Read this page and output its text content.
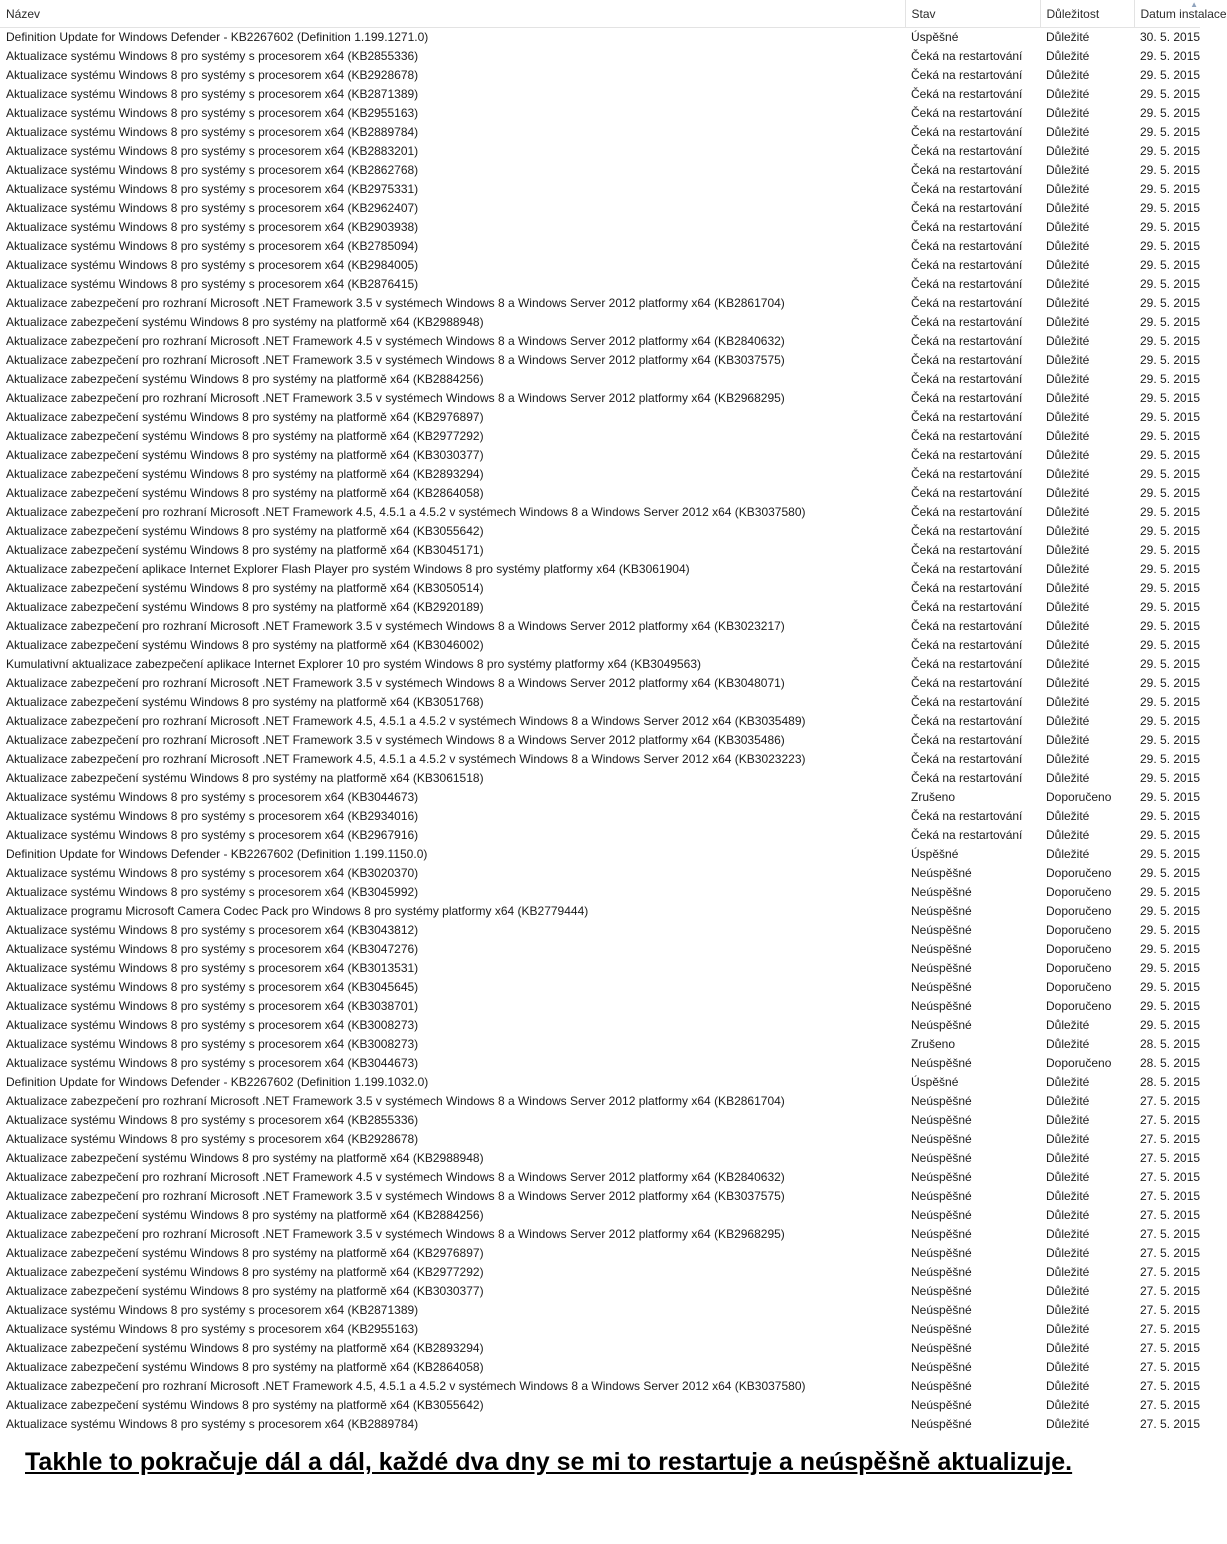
Název	Stav	Důležitost	Datum instalace
▲

Definition Update for Windows Defender - KB2267602 (Definition 1.199.1271.0)	Úspěšné	Důležité	30. 5. 2015
Aktualizace systému Windows 8 pro systémy s procesorem x64 (KB2855336)	Čeká na restartování	Důležité	29. 5. 2015
Aktualizace systému Windows 8 pro systémy s procesorem x64 (KB2928678)	Čeká na restartování	Důležité	29. 5. 2015
Aktualizace systému Windows 8 pro systémy s procesorem x64 (KB2871389)	Čeká na restartování	Důležité	29. 5. 2015
Aktualizace systému Windows 8 pro systémy s procesorem x64 (KB2955163)	Čeká na restartování	Důležité	29. 5. 2015
Aktualizace systému Windows 8 pro systémy s procesorem x64 (KB2889784)	Čeká na restartování	Důležité	29. 5. 2015
Aktualizace systému Windows 8 pro systémy s procesorem x64 (KB2883201)	Čeká na restartování	Důležité	29. 5. 2015
Aktualizace systému Windows 8 pro systémy s procesorem x64 (KB2862768)	Čeká na restartování	Důležité	29. 5. 2015
Aktualizace systému Windows 8 pro systémy s procesorem x64 (KB2975331)	Čeká na restartování	Důležité	29. 5. 2015
Aktualizace systému Windows 8 pro systémy s procesorem x64 (KB2962407)	Čeká na restartování	Důležité	29. 5. 2015
Aktualizace systému Windows 8 pro systémy s procesorem x64 (KB2903938)	Čeká na restartování	Důležité	29. 5. 2015
Aktualizace systému Windows 8 pro systémy s procesorem x64 (KB2785094)	Čeká na restartování	Důležité	29. 5. 2015
Aktualizace systému Windows 8 pro systémy s procesorem x64 (KB2984005)	Čeká na restartování	Důležité	29. 5. 2015
Aktualizace systému Windows 8 pro systémy s procesorem x64 (KB2876415)	Čeká na restartování	Důležité	29. 5. 2015
Aktualizace zabezpečení pro rozhraní Microsoft .NET Framework 3.5 v systémech Windows 8 a Windows Server 2012 platformy x64 (KB2861704)	Čeká na restartování	Důležité	29. 5. 2015
Aktualizace zabezpečení systému Windows 8 pro systémy na platformě x64 (KB2988948)	Čeká na restartování	Důležité	29. 5. 2015
Aktualizace zabezpečení pro rozhraní Microsoft .NET Framework 4.5 v systémech Windows 8 a Windows Server 2012 platformy x64 (KB2840632)	Čeká na restartování	Důležité	29. 5. 2015
Aktualizace zabezpečení pro rozhraní Microsoft .NET Framework 3.5 v systémech Windows 8 a Windows Server 2012 platformy x64 (KB3037575)	Čeká na restartování	Důležité	29. 5. 2015
Aktualizace zabezpečení systému Windows 8 pro systémy na platformě x64 (KB2884256)	Čeká na restartování	Důležité	29. 5. 2015
Aktualizace zabezpečení pro rozhraní Microsoft .NET Framework 3.5 v systémech Windows 8 a Windows Server 2012 platformy x64 (KB2968295)	Čeká na restartování	Důležité	29. 5. 2015
Aktualizace zabezpečení systému Windows 8 pro systémy na platformě x64 (KB2976897)	Čeká na restartování	Důležité	29. 5. 2015
Aktualizace zabezpečení systému Windows 8 pro systémy na platformě x64 (KB2977292)	Čeká na restartování	Důležité	29. 5. 2015
Aktualizace zabezpečení systému Windows 8 pro systémy na platformě x64 (KB3030377)	Čeká na restartování	Důležité	29. 5. 2015
Aktualizace zabezpečení systému Windows 8 pro systémy na platformě x64 (KB2893294)	Čeká na restartování	Důležité	29. 5. 2015
Aktualizace zabezpečení systému Windows 8 pro systémy na platformě x64 (KB2864058)	Čeká na restartování	Důležité	29. 5. 2015
Aktualizace zabezpečení pro rozhraní Microsoft .NET Framework 4.5, 4.5.1 a 4.5.2 v systémech Windows 8 a Windows Server 2012 x64 (KB3037580)	Čeká na restartování	Důležité	29. 5. 2015
Aktualizace zabezpečení systému Windows 8 pro systémy na platformě x64 (KB3055642)	Čeká na restartování	Důležité	29. 5. 2015
Aktualizace zabezpečení systému Windows 8 pro systémy na platformě x64 (KB3045171)	Čeká na restartování	Důležité	29. 5. 2015
Aktualizace zabezpečení aplikace Internet Explorer Flash Player pro systém Windows 8 pro systémy platformy x64 (KB3061904)	Čeká na restartování	Důležité	29. 5. 2015
Aktualizace zabezpečení systému Windows 8 pro systémy na platformě x64 (KB3050514)	Čeká na restartování	Důležité	29. 5. 2015
Aktualizace zabezpečení systému Windows 8 pro systémy na platformě x64 (KB2920189)	Čeká na restartování	Důležité	29. 5. 2015
Aktualizace zabezpečení pro rozhraní Microsoft .NET Framework 3.5 v systémech Windows 8 a Windows Server 2012 platformy x64 (KB3023217)	Čeká na restartování	Důležité	29. 5. 2015
Aktualizace zabezpečení systému Windows 8 pro systémy na platformě x64 (KB3046002)	Čeká na restartování	Důležité	29. 5. 2015
Kumulativní aktualizace zabezpečení aplikace Internet Explorer 10 pro systém Windows 8 pro systémy platformy x64 (KB3049563)	Čeká na restartování	Důležité	29. 5. 2015
Aktualizace zabezpečení pro rozhraní Microsoft .NET Framework 3.5 v systémech Windows 8 a Windows Server 2012 platformy x64 (KB3048071)	Čeká na restartování	Důležité	29. 5. 2015
Aktualizace zabezpečení systému Windows 8 pro systémy na platformě x64 (KB3051768)	Čeká na restartování	Důležité	29. 5. 2015
Aktualizace zabezpečení pro rozhraní Microsoft .NET Framework 4.5, 4.5.1 a 4.5.2 v systémech Windows 8 a Windows Server 2012 x64 (KB3035489)	Čeká na restartování	Důležité	29. 5. 2015
Aktualizace zabezpečení pro rozhraní Microsoft .NET Framework 3.5 v systémech Windows 8 a Windows Server 2012 platformy x64 (KB3035486)	Čeká na restartování	Důležité	29. 5. 2015
Aktualizace zabezpečení pro rozhraní Microsoft .NET Framework 4.5, 4.5.1 a 4.5.2 v systémech Windows 8 a Windows Server 2012 x64 (KB3023223)	Čeká na restartování	Důležité	29. 5. 2015
Aktualizace zabezpečení systému Windows 8 pro systémy na platformě x64 (KB3061518)	Čeká na restartování	Důležité	29. 5. 2015
Aktualizace systému Windows 8 pro systémy s procesorem x64 (KB3044673)	Zrušeno	Doporučeno	29. 5. 2015
Aktualizace systému Windows 8 pro systémy s procesorem x64 (KB2934016)	Čeká na restartování	Důležité	29. 5. 2015
Aktualizace systému Windows 8 pro systémy s procesorem x64 (KB2967916)	Čeká na restartování	Důležité	29. 5. 2015
Definition Update for Windows Defender - KB2267602 (Definition 1.199.1150.0)	Úspěšné	Důležité	29. 5. 2015
Aktualizace systému Windows 8 pro systémy s procesorem x64 (KB3020370)	Neúspěšné	Doporučeno	29. 5. 2015
Aktualizace systému Windows 8 pro systémy s procesorem x64 (KB3045992)	Neúspěšné	Doporučeno	29. 5. 2015
Aktualizace programu Microsoft Camera Codec Pack pro Windows 8 pro systémy platformy x64 (KB2779444)	Neúspěšné	Doporučeno	29. 5. 2015
Aktualizace systému Windows 8 pro systémy s procesorem x64 (KB3043812)	Neúspěšné	Doporučeno	29. 5. 2015
Aktualizace systému Windows 8 pro systémy s procesorem x64 (KB3047276)	Neúspěšné	Doporučeno	29. 5. 2015
Aktualizace systému Windows 8 pro systémy s procesorem x64 (KB3013531)	Neúspěšné	Doporučeno	29. 5. 2015
Aktualizace systému Windows 8 pro systémy s procesorem x64 (KB3045645)	Neúspěšné	Doporučeno	29. 5. 2015
Aktualizace systému Windows 8 pro systémy s procesorem x64 (KB3038701)	Neúspěšné	Doporučeno	29. 5. 2015
Aktualizace systému Windows 8 pro systémy s procesorem x64 (KB3008273)	Neúspěšné	Důležité	29. 5. 2015
Aktualizace systému Windows 8 pro systémy s procesorem x64 (KB3008273)	Zrušeno	Důležité	28. 5. 2015
Aktualizace systému Windows 8 pro systémy s procesorem x64 (KB3044673)	Neúspěšné	Doporučeno	28. 5. 2015
Definition Update for Windows Defender - KB2267602 (Definition 1.199.1032.0)	Úspěšné	Důležité	28. 5. 2015
Aktualizace zabezpečení pro rozhraní Microsoft .NET Framework 3.5 v systémech Windows 8 a Windows Server 2012 platformy x64 (KB2861704)	Neúspěšné	Důležité	27. 5. 2015
Aktualizace systému Windows 8 pro systémy s procesorem x64 (KB2855336)	Neúspěšné	Důležité	27. 5. 2015
Aktualizace systému Windows 8 pro systémy s procesorem x64 (KB2928678)	Neúspěšné	Důležité	27. 5. 2015
Aktualizace zabezpečení systému Windows 8 pro systémy na platformě x64 (KB2988948)	Neúspěšné	Důležité	27. 5. 2015
Aktualizace zabezpečení pro rozhraní Microsoft .NET Framework 4.5 v systémech Windows 8 a Windows Server 2012 platformy x64 (KB2840632)	Neúspěšné	Důležité	27. 5. 2015
Aktualizace zabezpečení pro rozhraní Microsoft .NET Framework 3.5 v systémech Windows 8 a Windows Server 2012 platformy x64 (KB3037575)	Neúspěšné	Důležité	27. 5. 2015
Aktualizace zabezpečení systému Windows 8 pro systémy na platformě x64 (KB2884256)	Neúspěšné	Důležité	27. 5. 2015
Aktualizace zabezpečení pro rozhraní Microsoft .NET Framework 3.5 v systémech Windows 8 a Windows Server 2012 platformy x64 (KB2968295)	Neúspěšné	Důležité	27. 5. 2015
Aktualizace zabezpečení systému Windows 8 pro systémy na platformě x64 (KB2976897)	Neúspěšné	Důležité	27. 5. 2015
Aktualizace zabezpečení systému Windows 8 pro systémy na platformě x64 (KB2977292)	Neúspěšné	Důležité	27. 5. 2015
Aktualizace zabezpečení systému Windows 8 pro systémy na platformě x64 (KB3030377)	Neúspěšné	Důležité	27. 5. 2015
Aktualizace systému Windows 8 pro systémy s procesorem x64 (KB2871389)	Neúspěšné	Důležité	27. 5. 2015
Aktualizace systému Windows 8 pro systémy s procesorem x64 (KB2955163)	Neúspěšné	Důležité	27. 5. 2015
Aktualizace zabezpečení systému Windows 8 pro systémy na platformě x64 (KB2893294)	Neúspěšné	Důležité	27. 5. 2015
Aktualizace zabezpečení systému Windows 8 pro systémy na platformě x64 (KB2864058)	Neúspěšné	Důležité	27. 5. 2015
Aktualizace zabezpečení pro rozhraní Microsoft .NET Framework 4.5, 4.5.1 a 4.5.2 v systémech Windows 8 a Windows Server 2012 x64 (KB3037580)	Neúspěšné	Důležité	27. 5. 2015
Aktualizace zabezpečení systému Windows 8 pro systémy na platformě x64 (KB3055642)	Neúspěšné	Důležité	27. 5. 2015
Aktualizace systému Windows 8 pro systémy s procesorem x64 (KB2889784)	Neúspěšné	Důležité	27. 5. 2015
Takhle to pokračuje dál a dál, každé dva dny se mi to restartuje a neúspěšně aktualizuje.
